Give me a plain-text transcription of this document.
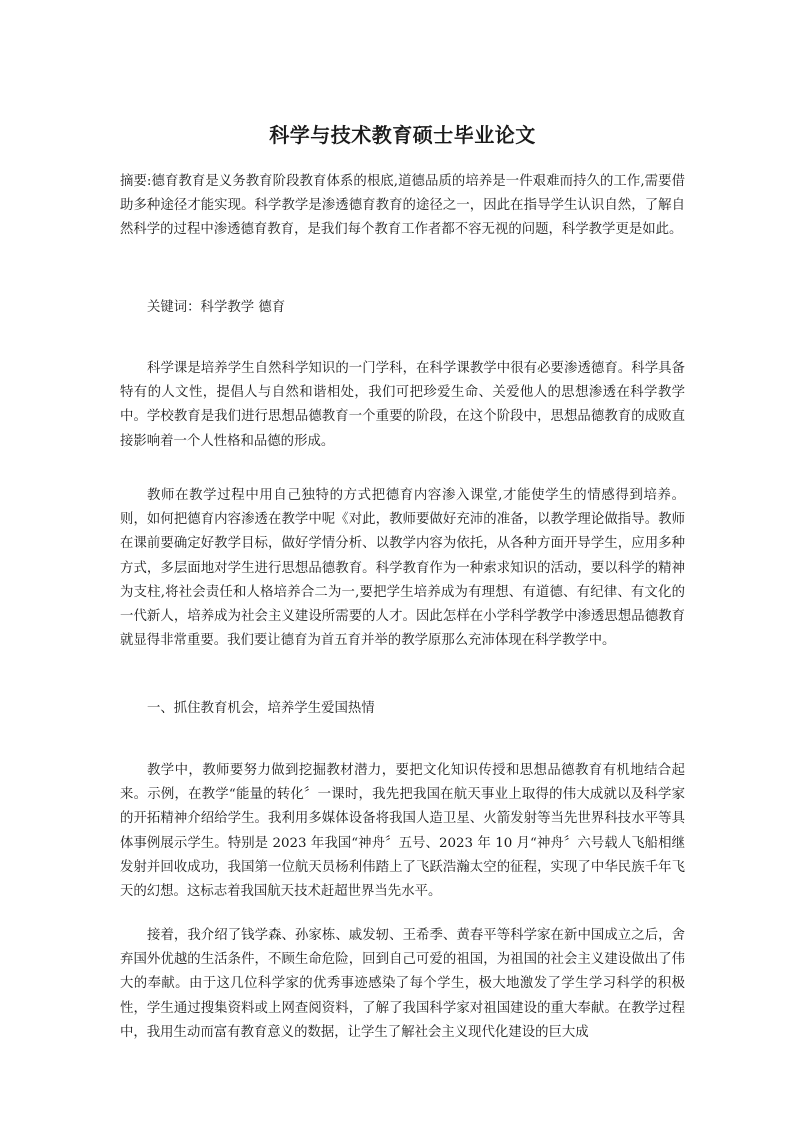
科学与技术教育硕士毕业论文

摘要:德育教育是义务教育阶段教育体系的根底,道德品质的培养是一件艰难而持久的工作,需要借助多种途径才能实现。科学教学是渗透德育教育的途径之一，因此在指导学生认识自然，了解自然科学的过程中渗透德育教育，是我们每个教育工作者都不容无视的问题，科学教学更是如此。

关键词：科学教学 德育

科学课是培养学生自然科学知识的一门学科，在科学课教学中很有必要渗透德育。科学具备特有的人文性，提倡人与自然和谐相处，我们可把珍爱生命、关爱他人的思想渗透在科学教学中。学校教育是我们进行思想品德教育一个重要的阶段，在这个阶段中，思想品德教育的成败直接影响着一个人性格和品德的形成。

教师在教学过程中用自己独特的方式把德育内容渗入课堂,才能使学生的情感得到培养。则，如何把德育内容渗透在教学中呢《对此，教师要做好充沛的准备，以教学理论做指导。教师在课前要确定好教学目标，做好学情分析、以教学内容为依托，从各种方面开导学生，应用多种方式，多层面地对学生进行思想品德教育。科学教育作为一种索求知识的活动，要以科学的精神为支柱,将社会责任和人格培养合二为一,要把学生培养成为有理想、有道德、有纪律、有文化的一代新人，培养成为社会主义建设所需要的人才。因此怎样在小学科学教学中渗透思想品德教育就显得非常重要。我们要让德育为首五育并举的教学原那么充沛体现在科学教学中。

一、抓住教育机会，培养学生爱国热情

教学中，教师要努力做到挖掘教材潜力，要把文化知识传授和思想品德教育有机地结合起来。示例，在教学“能量的转化〞一课时，我先把我国在航天事业上取得的伟大成就以及科学家的开拓精神介绍给学生。我利用多媒体设备将我国人造卫星、火箭发射等当先世界科技水平等具体事例展示学生。特别是 2023 年我国“神舟〞五号、2023 年 10 月“神舟〞六号载人飞船相继发射并回收成功，我国第一位航天员杨利伟踏上了飞跃浩瀚太空的征程，实现了中华民族千年飞天的幻想。这标志着我国航天技术赶超世界当先水平。

接着，我介绍了钱学森、孙家栋、戚发轫、王希季、黄春平等科学家在新中国成立之后，舍弃国外优越的生活条件，不顾生命危险，回到自己可爱的祖国，为祖国的社会主义建设做出了伟大的奉献。由于这几位科学家的优秀事迹感染了每个学生，极大地激发了学生学习科学的积极性，学生通过搜集资料或上网查阅资料，了解了我国科学家对祖国建设的重大奉献。在教学过程中，我用生动而富有教育意义的数据，让学生了解社会主义现代化建设的巨大成
